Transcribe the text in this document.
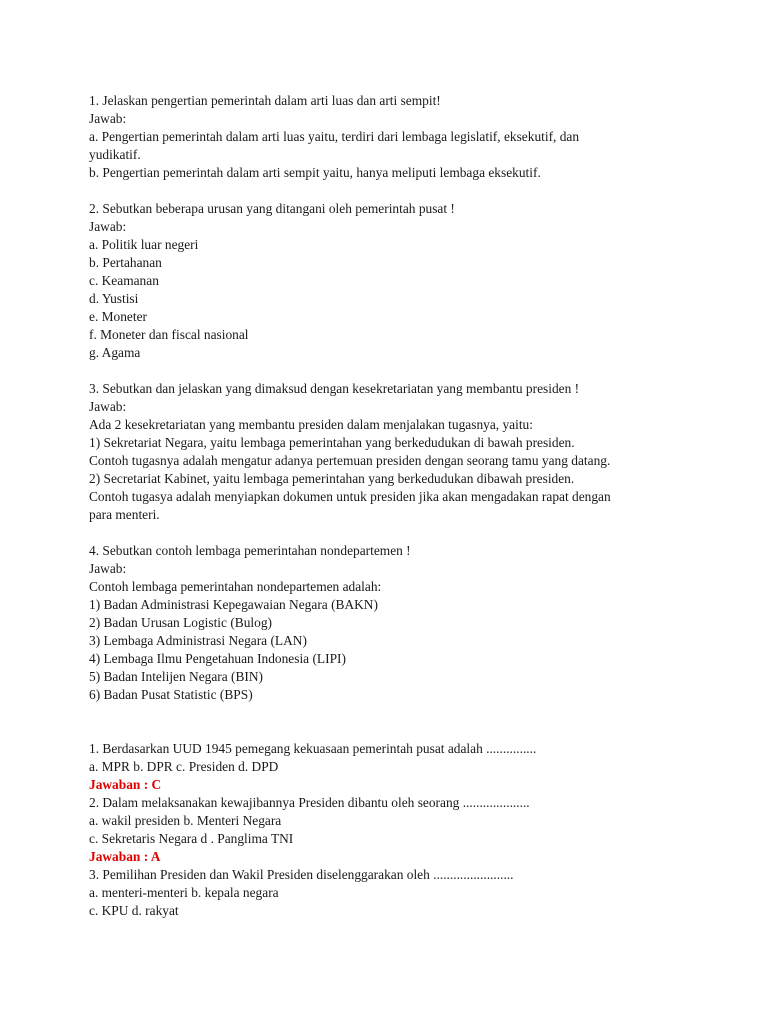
1. Jelaskan pengertian pemerintah dalam arti luas dan arti sempit!
Jawab:
a. Pengertian pemerintah dalam arti luas yaitu, terdiri dari lembaga legislatif, eksekutif, dan
yudikatif.
b. Pengertian pemerintah dalam arti sempit yaitu, hanya meliputi lembaga eksekutif.
2. Sebutkan beberapa urusan yang ditangani oleh pemerintah pusat !
Jawab:
a. Politik luar negeri
b. Pertahanan
c. Keamanan
d. Yustisi
e. Moneter
f. Moneter dan fiscal nasional
g. Agama
3. Sebutkan dan jelaskan yang dimaksud dengan kesekretariatan yang membantu presiden !
Jawab:
Ada 2 kesekretariatan yang membantu presiden dalam menjalakan tugasnya, yaitu:
1) Sekretariat Negara, yaitu lembaga pemerintahan yang berkedudukan di bawah presiden.
Contoh tugasnya adalah mengatur adanya pertemuan presiden dengan seorang tamu yang datang.
2) Secretariat Kabinet, yaitu lembaga pemerintahan yang berkedudukan dibawah presiden.
Contoh tugasya adalah menyiapkan dokumen untuk presiden jika akan mengadakan rapat dengan
para menteri.
4. Sebutkan contoh lembaga pemerintahan nondepartemen !
Jawab:
Contoh lembaga pemerintahan nondepartemen adalah:
1) Badan Administrasi Kepegawaian Negara (BAKN)
2) Badan Urusan Logistic (Bulog)
3) Lembaga Administrasi Negara (LAN)
4) Lembaga Ilmu Pengetahuan Indonesia (LIPI)
5) Badan Intelijen Negara (BIN)
6) Badan Pusat Statistic (BPS)
1. Berdasarkan UUD 1945 pemegang kekuasaan pemerintah pusat adalah ...............
a. MPR b. DPR c. Presiden d. DPD
Jawaban : C
2. Dalam melaksanakan kewajibannya Presiden dibantu oleh seorang ....................
a. wakil presiden b. Menteri Negara
c. Sekretaris Negara d . Panglima TNI
Jawaban : A
3. Pemilihan Presiden dan Wakil Presiden diselenggarakan oleh ........................
a. menteri-menteri b. kepala negara
c. KPU d. rakyat
